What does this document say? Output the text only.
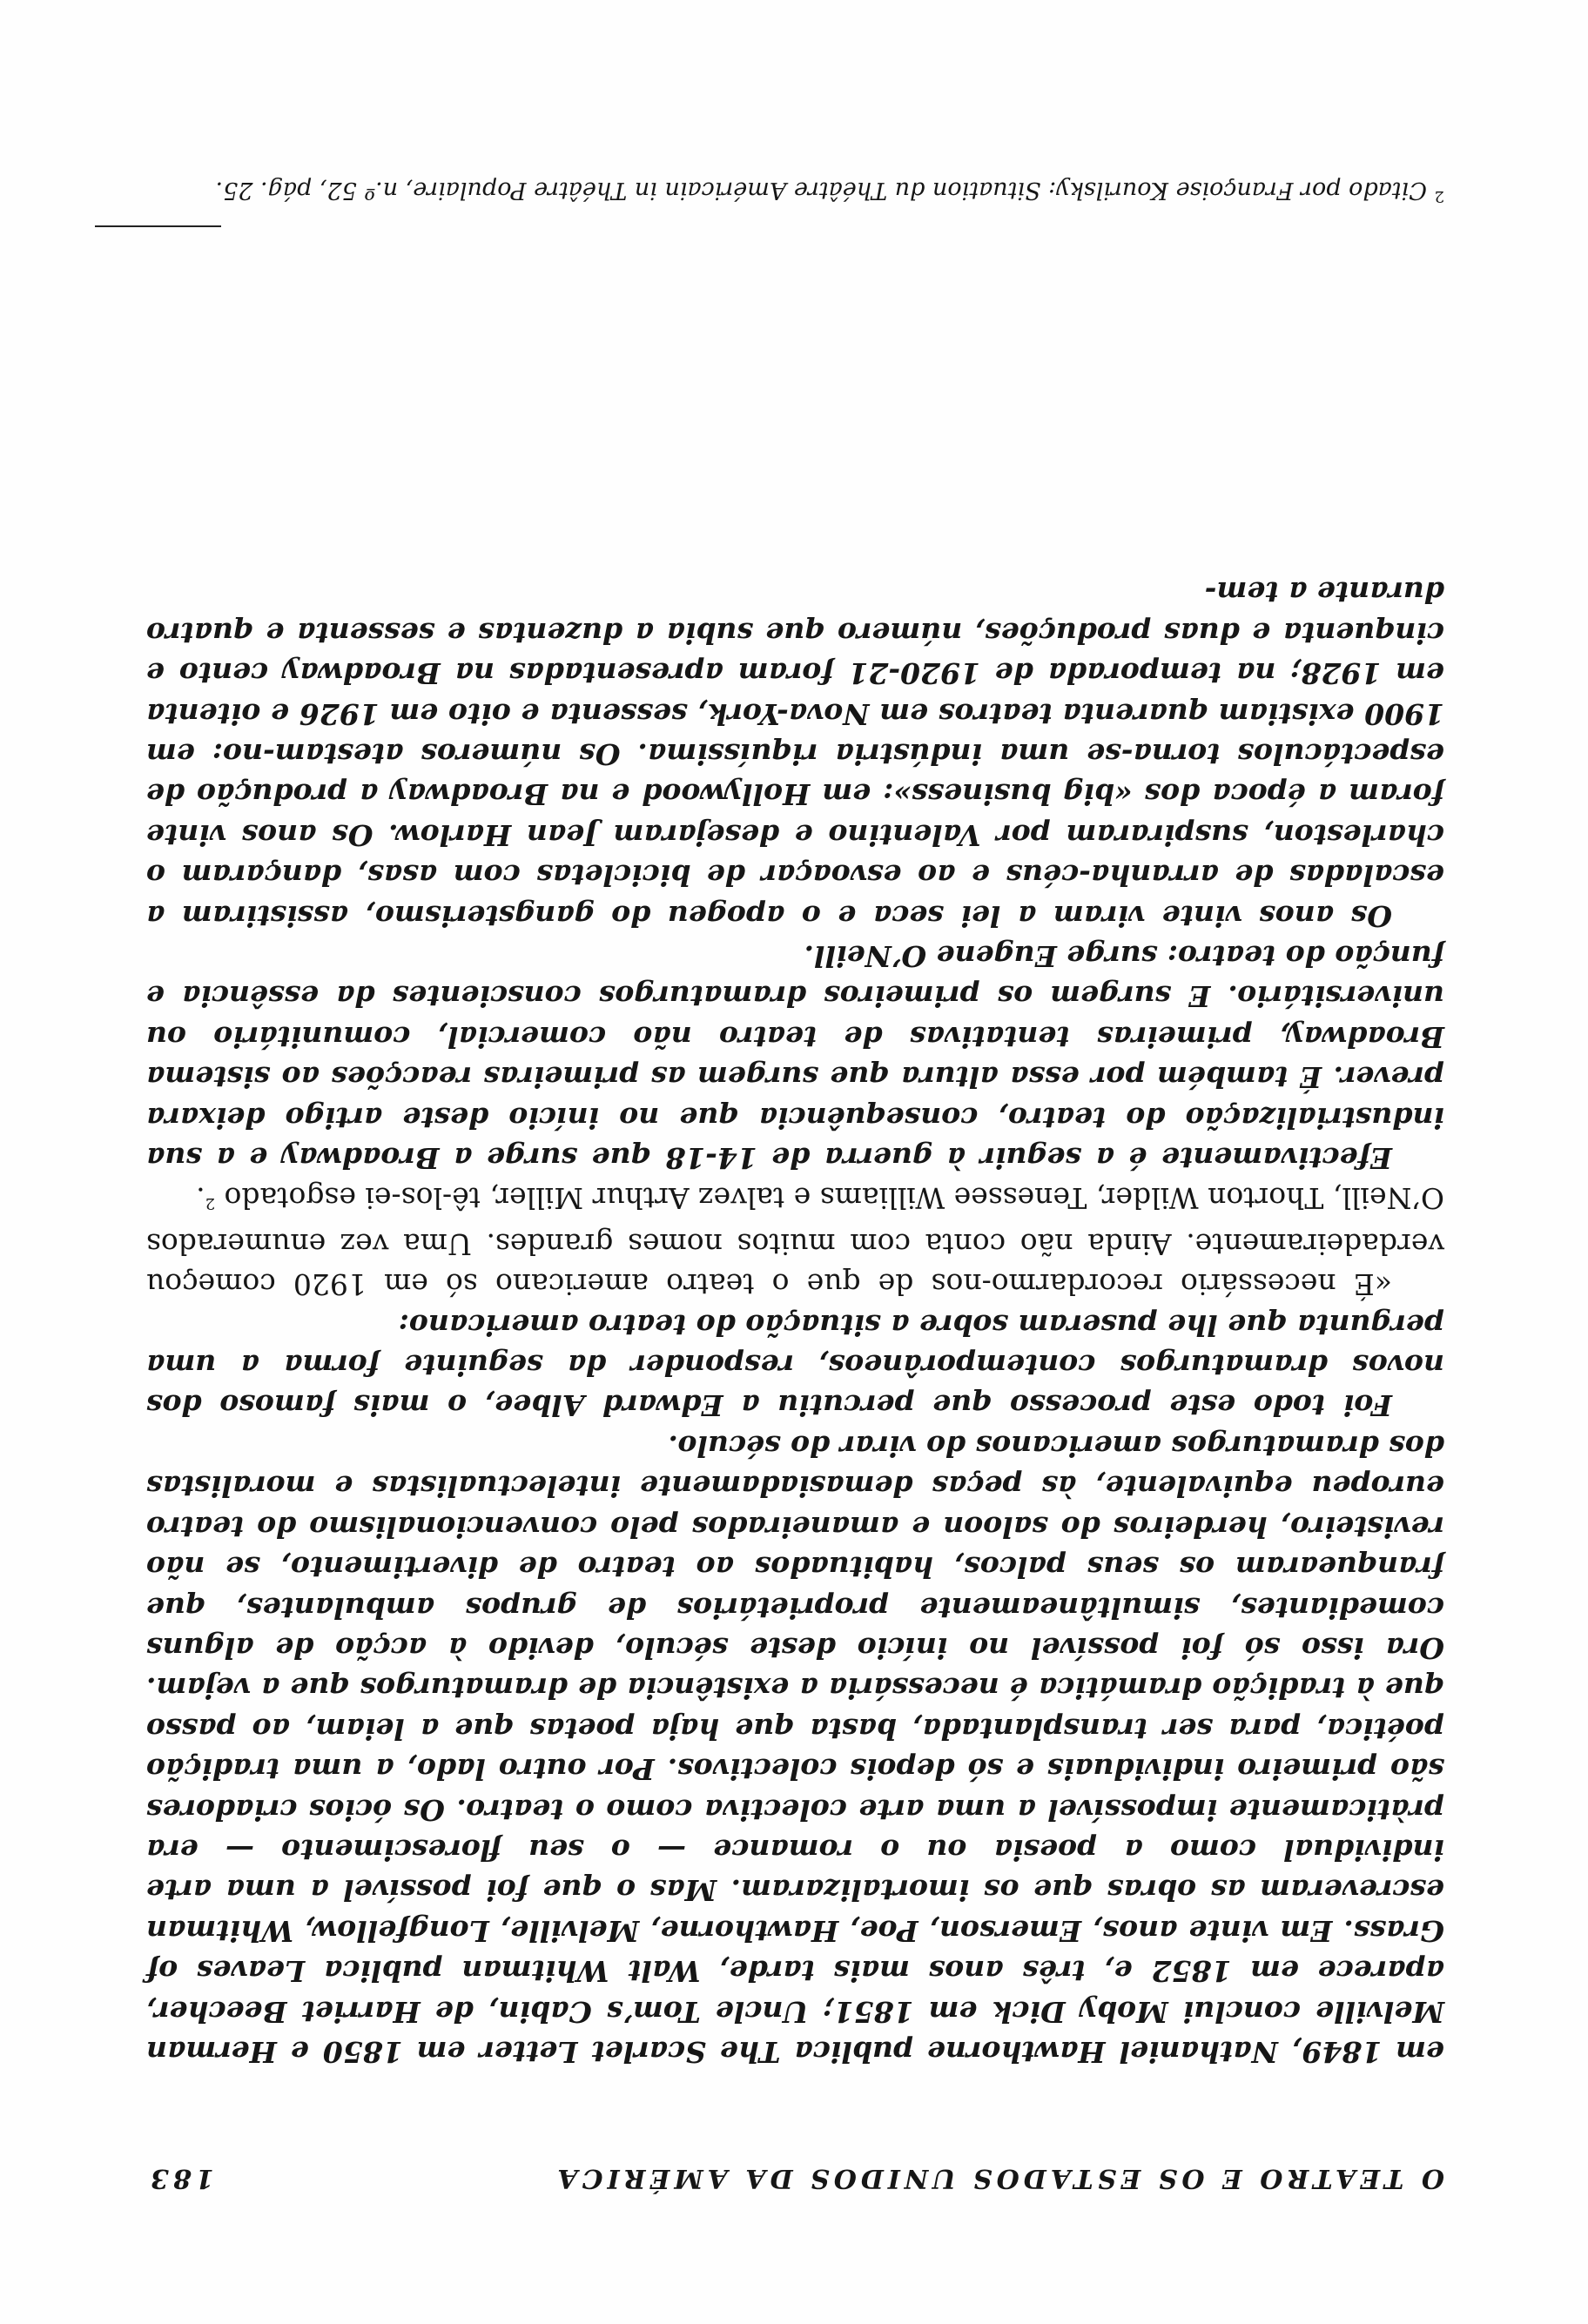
O TEATRO E OS ESTADOS UNIDOS DA AMÉRICA
183

em 1849, Nathaniel Hawthorne publica The Scarlet Letter em 1850 e Herman Melville conclui Moby Dick em 1851; Uncle Tom’s Cabin, de Harriet Beecher, aparece em 1852 e, três anos mais tarde, Walt Whitman publica Leaves of Grass. Em vinte anos, Emerson, Poe, Hawthorne, Melville, Longfellow, Whitman escreveram as obras que os imortalizaram. Mas o que foi possível a uma arte individual como a poesia ou o romance — o seu florescimento — era pràticamente impossível a uma arte colectiva como o teatro. Os ócios criadores são primeiro individuais e só depois colectivos. Por outro lado, a uma tradição poética, para ser transplantada, basta que haja poetas que a leiam, ao passo que à tradição dramática é necessária a existência de dramaturgos que a vejam. Ora isso só foi possível no início deste século, devido à acção de alguns comediantes, simultâneamente proprietários de grupos ambulantes, que franquearam os seus palcos, habituados ao teatro de divertimento, se não revisteiro, herdeiros do saloon e amaneirados pelo convencionalismo do teatro europeu equivalente, às peças demasiadamente intelectualistas e moralistas dos dramaturgos americanos do virar do século.

Foi todo este processo que percutiu a Edward Albee, o mais famoso dos novos dramaturgos contemporâneos, responder da seguinte forma a uma pergunta que lhe puseram sobre a situação do teatro americano:

«É necessário recordarmo-nos de que o teatro americano só em 1920 começou verdadeiramente. Ainda não conta com muitos nomes grandes. Uma vez enumerados O’Neill, Thorton Wilder, Tenessee Williams e talvez Arthur Miller, tê-los-ei esgotado $^2$.

Efectivamente é a seguir à guerra de 14-18 que surge a Broadway e a sua industrialização do teatro, consequência que no início deste artigo deixara prever. É também por essa altura que surgem as primeiras reacções ao sistema Broadway, primeiras tentativas de teatro não comercial, comunitário ou universitário. E surgem os primeiros dramaturgos conscientes da essência e função do teatro: surge Eugene O’Neill.

Os anos vinte viram a lei seca e o apogeu do gangsterismo, assistiram a escaladas de arranha-céus e ao esvoaçar de bicicletas com asas, dançaram o charleston, suspiraram por Valentino e desejaram Jean Harlow. Os anos vinte foram a época dos «big business»: em Hollywood e na Broadway a produção de espectáculos torna-se uma indústria riquíssima. Os números atestam-no: em 1900 existiam quarenta teatros em Nova-York, sessenta e oito em 1926 e oitenta em 1928; na temporada de 1920-21 foram apresentadas na Broadway cento e cinquenta e duas produções, número que subia a duzentas e sessenta e quatro durante a tem-

$^2$ Citado por Françoise Kourilsky: Situation du Théâtre Américain in Théâtre Populaire, n.º 52, pág. 25.
